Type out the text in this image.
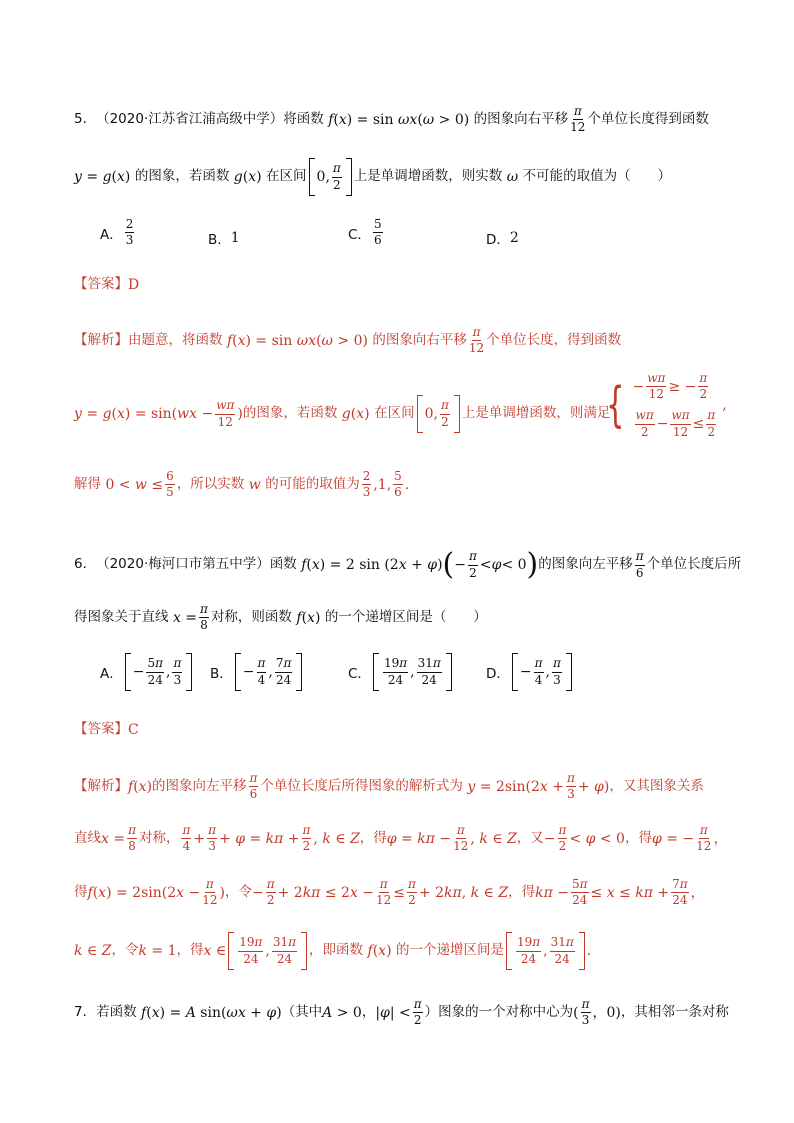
5． （2020·江苏省江浦高级中学） 将函数 f(x) = sin ωx(ω > 0) 的图象向右平移 $\frac{\pi}{12}$ 个单位长度得到函数
y = g(x) 的图象，若函数 g(x) 在区间 0, $\frac{\pi}{2}$ 上是单调增函数，则实数 ω 不可能的取值为（　　）
A． $\frac{2}{3}$	B． 1	C． $\frac{5}{6}$	D． 2
【答案】 D
【解析】 由题意，将函数 f(x) = sin ωx(ω > 0) 的图象向右平移 $\frac{\pi}{12}$ 个单位长度，得到函数
$y = g(x) = \sin(wx - \frac{w\pi}{12}$ ) 的图象，若函数 g(x) 在区间 0, $\frac{\pi}{2}$ 上是单调增函数，则满足
{ − $\frac{w\pi}{12}$ ≥ − $\frac{\pi}{2}$
$\frac{w\pi}{2} - \frac{w\pi}{12} \le \frac{\pi}{2}$
,
解得 $0 < w \le \frac{6}{5}$ ，所以实数 w 的可能的取值为 $\frac{2}{3} ,1$, $\frac{5}{6}$ .
6． （2020·梅河口市第五中学） 函数 f(x) = 2 sin (2x + φ) ( − $\frac{\pi}{2} < \varphi < 0$ ) 的图象向左平移 $\frac{\pi}{6}$ 个单位长度后所
得图象关于直线 $x = \frac{\pi}{8}$ 对称，则函数 f(x) 的一个递增区间是（　　）
A． − $\frac{5\pi}{24}$ , $\frac{\pi}{3}$ B． − $\frac{\pi}{4}$ , $\frac{7\pi}{24}$	C． $\frac{19\pi}{24}$ , $\frac{31\pi}{24}$	D． − $\frac{\pi}{4}$ , $\frac{\pi}{3}$
【答案】 C
【解析】 f(x) 的图象向左平移 $\frac{\pi}{6}$ 个单位长度后所得图象的解析式为 $y = 2\sin(2x + \frac{\pi}{3} + \varphi)$ ，又其图象关系
直线 $x = \frac{\pi}{8}$ 对称， $\frac{\pi}{4} + \frac{\pi}{3} + \varphi = k\pi + \frac{\pi}{2}$ , k ∈ Z ，得 $\varphi = k\pi - \frac{\pi}{12}$ , k ∈ Z ，又 − $\frac{\pi}{2} < \varphi < 0$ ，得 φ = − $\frac{\pi}{12}$ ，
得 $f(x) = 2\sin(2x - \frac{\pi}{12}$ ) ，令 − $\frac{\pi}{2} + 2k\pi \le 2x - \frac{\pi}{12} \le \frac{\pi}{2} + 2k\pi$, k ∈ Z ，得 $k\pi - \frac{5\pi}{24} \le x \le k\pi + \frac{7\pi}{24}$ ，
k ∈ Z ，令 k = 1 ，得 x ∈ $\frac{19\pi}{24}$ , $\frac{31\pi}{24}$ ，即函数 f(x) 的一个递增区间是 $\frac{19\pi}{24}$ , $\frac{31\pi}{24}$ .
7． 若函数 f(x) = A sin(ωx + φ) （其中 A > 0 ， $|\varphi| < \frac{\pi}{2}$ ）图象的一个对称中心为 ( $\frac{\pi}{3}$ ，0) ，其相邻一条对称
